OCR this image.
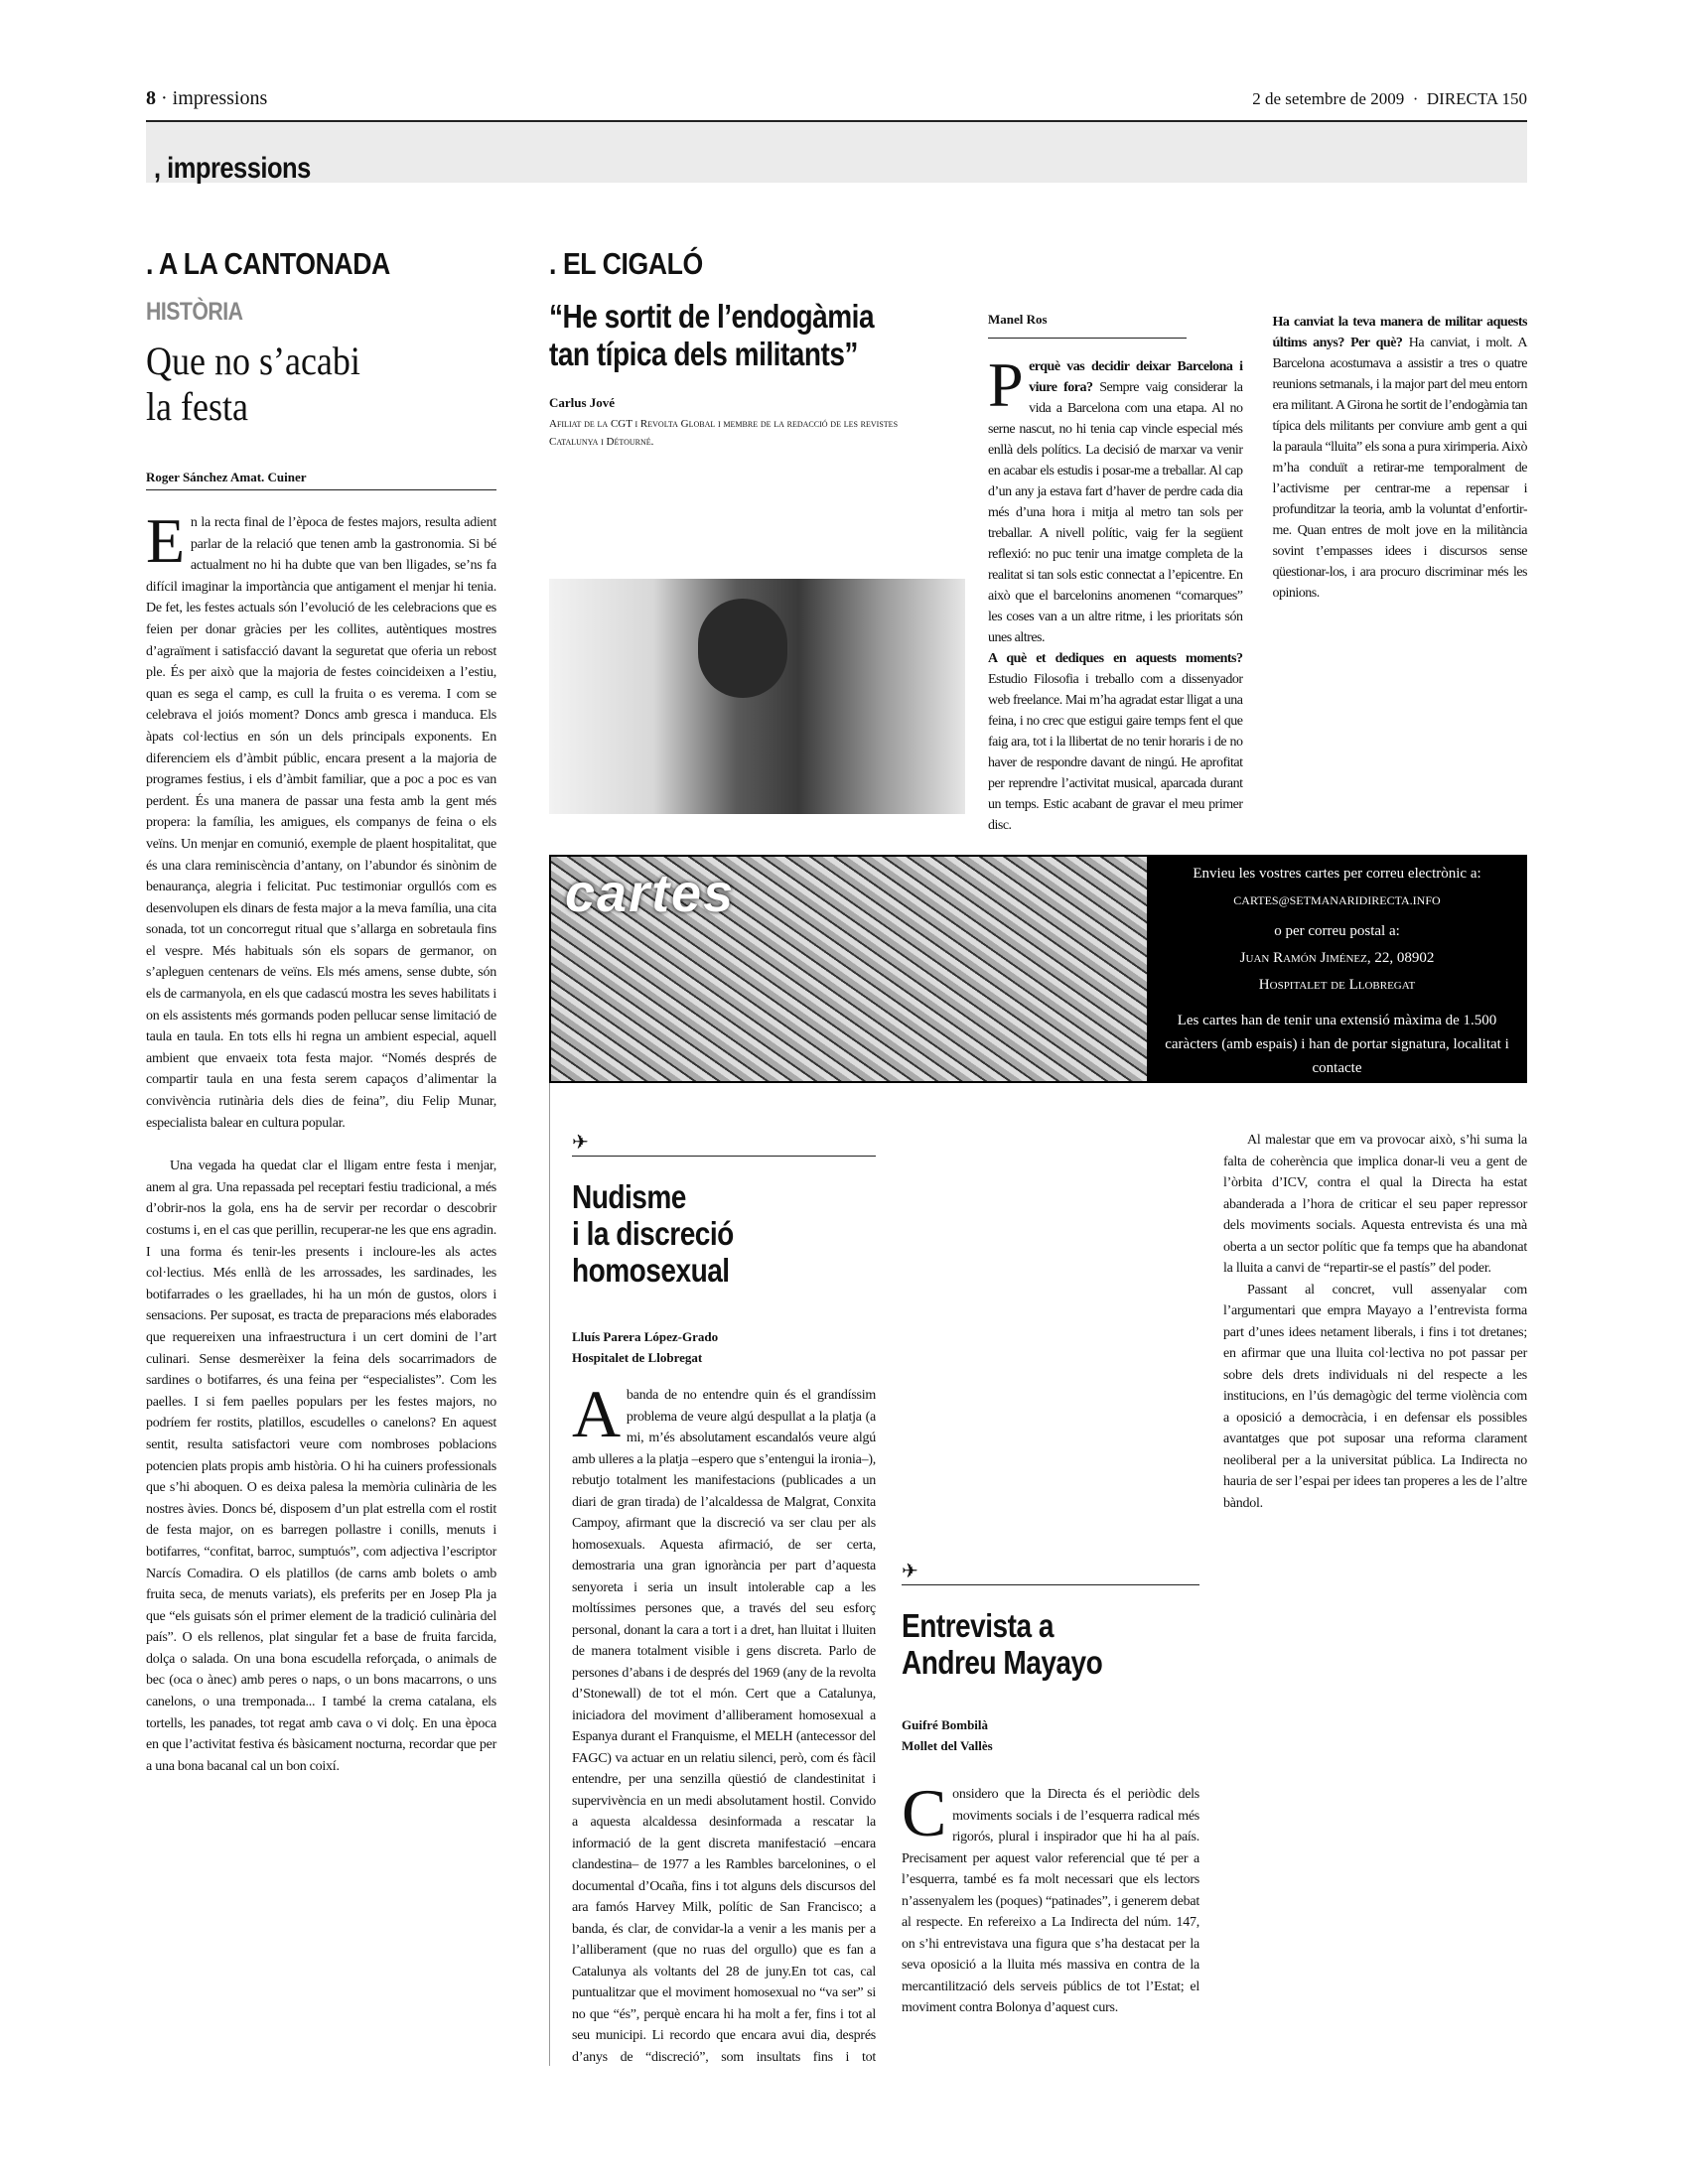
8 · impressions	2 de setembre de 2009  ·  DIRECTA 150
, impressions
. A LA CANTONADA
HISTÒRIA
Que no s’acabi
la festa
Roger Sánchez Amat. Cuiner

En la recta final de l’època de festes majors, resulta adient parlar de la relació que tenen amb la gastronomia. Si bé actualment no hi ha dubte que van ben lligades, se’ns fa difícil imaginar la importància que antigament el menjar hi tenia. De fet, les festes actuals són l’evolució de les celebracions que es feien per donar gràcies per les collites, autèntiques mostres d’agraïment i satisfacció davant la seguretat que oferia un rebost ple. És per això que la majoria de festes coincideixen a l’estiu, quan es sega el camp, es cull la fruita o es verema. I com se celebrava el joiós moment? Doncs amb gresca i manduca. Els àpats col·lectius en són un dels principals exponents. En diferenciem els d’àmbit públic, encara present a la majoria de programes festius, i els d’àmbit familiar, que a poc a poc es van perdent. És una manera de passar una festa amb la gent més propera: la família, les amigues, els companys de feina o els veïns. Un menjar en comunió, exemple de plaent hospitalitat, que és una clara reminiscència d’antany, on l’abundor és sinònim de benaurança, alegria i felicitat. Puc testimoniar orgullós com es desenvolupen els dinars de festa major a la meva família, una cita sonada, tot un concorregut ritual que s’allarga en sobretaula fins el vespre. Més habituals són els sopars de germanor, on s’apleguen centenars de veïns. Els més amens, sense dubte, són els de carmanyola, en els que cadascú mostra les seves habilitats i on els assistents més gormands poden pellucar sense limitació de taula en taula. En tots ells hi regna un ambient especial, aquell ambient que envaeix tota festa major. “Només després de compartir taula en una festa serem capaços d’alimentar la convivència rutinària dels dies de feina”, diu Felip Munar, especialista balear en cultura popular.

Una vegada ha quedat clar el lligam entre festa i menjar, anem al gra. Una repassada pel receptari festiu tradicional, a més d’obrir-nos la gola, ens ha de servir per recordar o descobrir costums i, en el cas que perillin, recuperar-ne les que ens agradin. I una forma és tenir-les presents i incloure-les als actes col·lectius. Més enllà de les arrossades, les sardinades, les botifarrades o les graellades, hi ha un món de gustos, olors i sensacions. Per suposat, es tracta de preparacions més elaborades que requereixen una infraestructura i un cert domini de l’art culinari. Sense desmerèixer la feina dels socarrimadors de sardines o botifarres, és una feina per “especialistes”. Com les paelles. I si fem paelles populars per les festes majors, no podríem fer rostits, platillos, escudelles o canelons? En aquest sentit, resulta satisfactori veure com nombroses poblacions potencien plats propis amb història. O hi ha cuiners professionals que s’hi aboquen. O es deixa palesa la memòria culinària de les nostres àvies. Doncs bé, disposem d’un plat estrella com el rostit de festa major, on es barregen pollastre i conills, menuts i botifarres, “confitat, barroc, sumptuós”, com adjectiva l’escriptor Narcís Comadira. O els platillos (de carns amb bolets o amb fruita seca, de menuts variats), els preferits per en Josep Pla ja que “els guisats són el primer element de la tradició culinària del país”. O els rellenos, plat singular fet a base de fruita farcida, dolça o salada. On una bona escudella reforçada, o animals de bec (oca o ànec) amb peres o naps, o un bons macarrons, o uns canelons, o una tremponada... I també la crema catalana, els tortells, les panades, tot regat amb cava o vi dolç. En una època en que l’activitat festiva és bàsicament nocturna, recordar que per a una bona bacanal cal un bon coixí.

. EL CIGALÓ
“He sortit de l’endogàmia
tan típica dels militants”
Carlus Jové
Afiliat de la CGT i Revolta Global i membre de la redacció de les revistes Catalunya i Détourné.
Manel Ros

Perquè vas decidir deixar Barcelona i viure fora? Sempre vaig considerar la vida a Barcelona com una etapa. Al no serne nascut, no hi tenia cap vincle especial més enllà dels polítics. La decisió de marxar va venir en acabar els estudis i posar-me a treballar. Al cap d’un any ja estava fart d’haver de perdre cada dia més d’una hora i mitja al metro tan sols per treballar. A nivell polític, vaig fer la següent reflexió: no puc tenir una imatge completa de la realitat si tan sols estic connectat a l’epicentre. En això que el barcelonins anomenen “comarques” les coses van a un altre ritme, i les prioritats són unes altres.

A què et dediques en aquests moments? Estudio Filosofia i treballo com a dissenyador web freelance. Mai m’ha agradat estar lligat a una feina, i no crec que estigui gaire temps fent el que faig ara, tot i la llibertat de no tenir horaris i de no haver de respondre davant de ningú. He aprofitat per reprendre l’activitat musical, aparcada durant un temps. Estic acabant de gravar el meu primer disc.

Ha canviat la teva manera de militar aquests últims anys? Per què? Ha canviat, i molt. A Barcelona acostumava a assistir a tres o quatre reunions setmanals, i la major part del meu entorn era militant. A Girona he sortit de l’endogàmia tan típica dels militants per conviure amb gent a qui la paraula “lluita” els sona a pura xirimperia. Això m’ha conduït a retirar-me temporalment de l’activisme per centrar-me a repensar i profunditzar la teoria, amb la voluntat d’enfortir-me. Quan entres de molt jove en la militància sovint t’empasses idees i discursos sense qüestionar-los, i ara procuro discriminar més les opinions.

cartes	Envieu les vostres cartes per correu electrònic a:
CARTES@SETMANARIDIRECTA.INFO
o per correu postal a:
Juan Ramón Jiménez, 22, 08902
Hospitalet de Llobregat
Les cartes han de tenir una extensió màxima de 1.500 caràcters (amb espais) i han de portar signatura, localitat i contacte
✈
Nudisme
i la discreció
homosexual
Lluís Parera López-Grado
Hospitalet de Llobregat

Abanda de no entendre quin és el grandíssim problema de veure algú despullat a la platja (a mi, m’és absolutament escandalós veure algú amb ulleres a la platja –espero que s’entengui la ironia–), rebutjo totalment les manifestacions (publicades a un diari de gran tirada) de l’alcaldessa de Malgrat, Conxita Campoy, afirmant que la discreció va ser clau per als homosexuals. Aquesta afirmació, de ser certa, demostraria una gran ignorància per part d’aquesta senyoreta i seria un insult intolerable cap a les moltíssimes persones que, a través del seu esforç personal, donant la cara a tort i a dret, han lluitat i lluiten de manera totalment visible i gens discreta. Parlo de persones d’abans i de després del 1969 (any de la revolta d’Stonewall) de tot el món. Cert que a Catalunya, iniciadora del moviment d’alliberament homosexual a Espanya durant el Franquisme, el MELH (antecessor del FAGC) va actuar en un relatiu silenci, però, com és fàcil entendre, per una senzilla qüestió de clandestinitat i supervivència en un medi absolutament hostil. Convido a aquesta alcaldessa desinformada a rescatar la informació de la gent discreta manifestació –encara clandestina– de 1977 a les Rambles barcelonines, o el documental d’Ocaña, fins i tot alguns dels discursos del ara famós Harvey Milk, polític de San Francisco; a banda, és clar, de convidar-la a venir a les manis per a l’alliberament (que no ruas del orgullo) que es fan a Catalunya als voltants del 28 de juny.En tot cas, cal puntualitzar que el moviment homosexual no “va ser” si no que “és”, perquè encara hi ha molt a fer, fins i tot al seu municipi. Li recordo que encara avui dia, després d’anys de “discreció”, som insultats fins i tot

✈
Entrevista a
Andreu Mayayo
Guifré Bombilà
Mollet del Vallès

Considero que la Directa és el periòdic dels moviments socials i de l’esquerra radical més rigorós, plural i inspirador que hi ha al país. Precisament per aquest valor referencial que té per a l’esquerra, també es fa molt necessari que els lectors n’assenyalem les (poques) “patinades”, i generem debat al respecte. En refereixo a La Indirecta del núm. 147, on s’hi entrevistava una figura que s’ha destacat per la seva oposició a la lluita més massiva en contra de la mercantilització dels serveis públics de tot l’Estat; el moviment contra Bolonya d’aquest curs.

Al malestar que em va provocar això, s’hi suma la falta de coherència que implica donar-li veu a gent de l’òrbita d’ICV, contra el qual la Directa ha estat abanderada a l’hora de criticar el seu paper repressor dels moviments socials. Aquesta entrevista és una mà oberta a un sector polític que fa temps que ha abandonat la lluita a canvi de “repartir-se el pastís” del poder.

Passant al concret, vull assenyalar com l’argumentari que empra Mayayo a l’entrevista forma part d’unes idees netament liberals, i fins i tot dretanes; en afirmar que una lluita col·lectiva no pot passar per sobre dels drets individuals ni del respecte a les institucions, en l’ús demagògic del terme violència com a oposició a democràcia, i en defensar els possibles avantatges que pot suposar una reforma clarament neoliberal per a la universitat pública. La Indirecta no hauria de ser l’espai per idees tan properes a les de l’altre bàndol.
